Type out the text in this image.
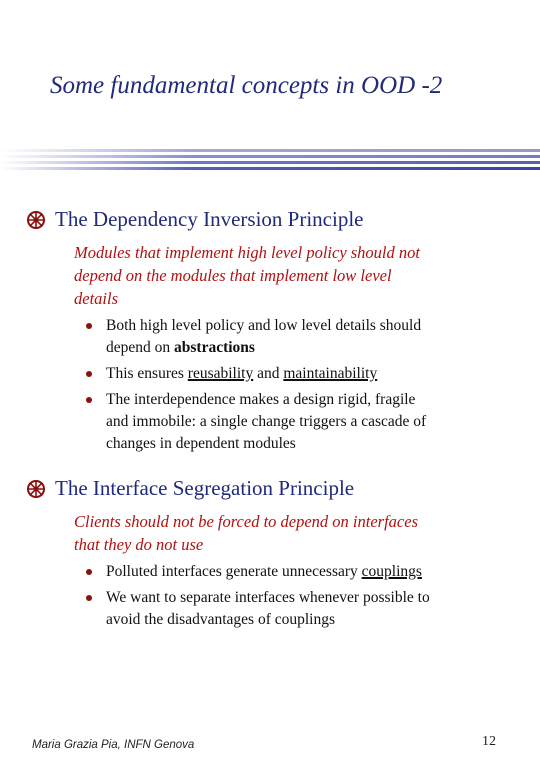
Some fundamental concepts in OOD -2
The Dependency Inversion Principle
Modules that implement high level policy should not
depend on the modules that implement low level
details
Both high level policy and low level details should
depend on abstractions
This ensures reusability and maintainability
The interdependence makes a design rigid, fragile
and immobile: a single change triggers a cascade of
changes in dependent modules
The Interface Segregation Principle
Clients should not be forced to depend on interfaces
that they do not use
Polluted interfaces generate unnecessary couplings
We want to separate interfaces whenever possible to
avoid the disadvantages of couplings
Maria Grazia Pia, INFN Genova	12
